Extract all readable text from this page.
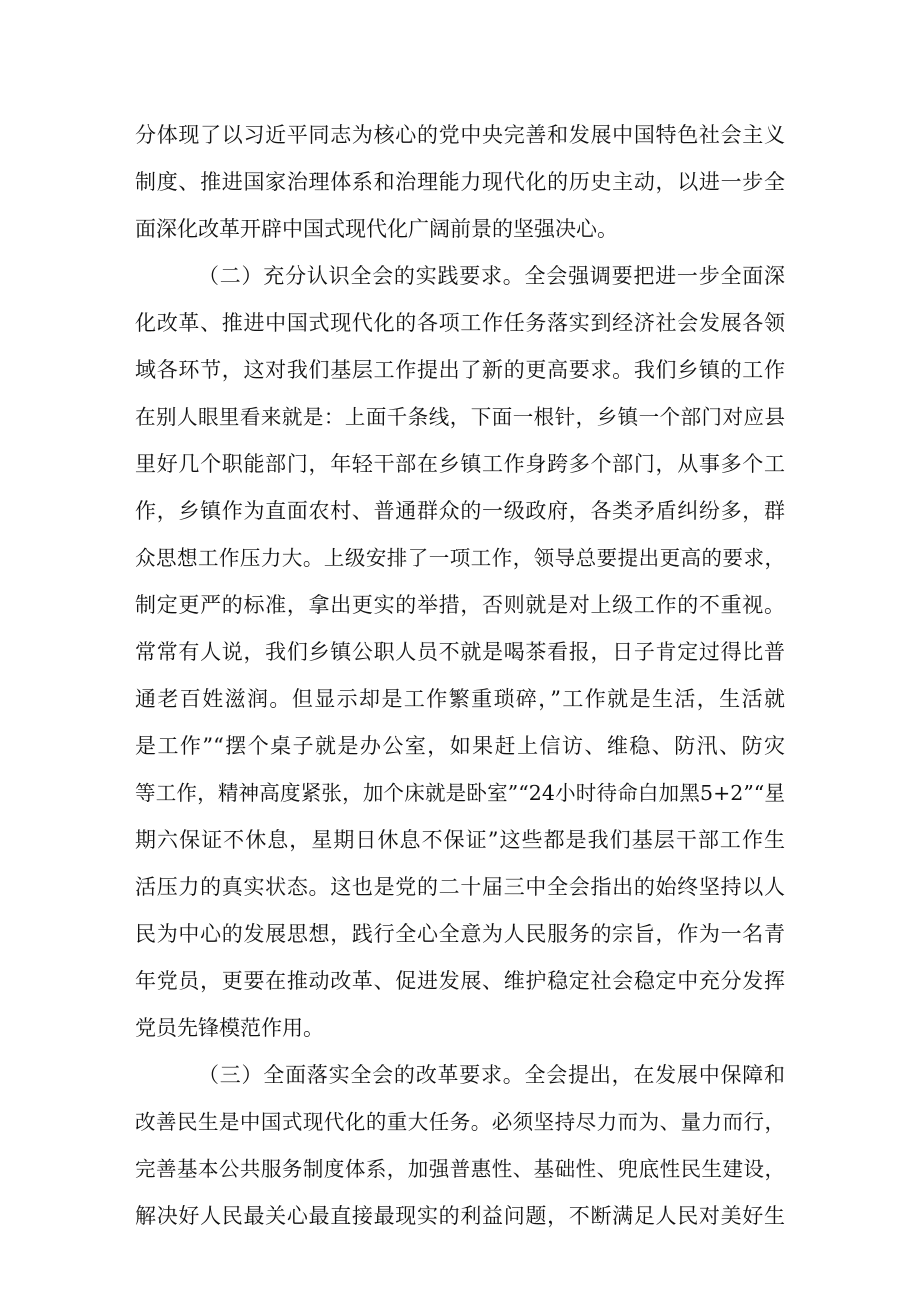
分体现了以习近平同志为核心的党中央完善和发展中国特色社会主义
制度、推进国家治理体系和治理能力现代化的历史主动，以进一步全
面深化改革开辟中国式现代化广阔前景的坚强决心。
（二）充分认识全会的实践要求。全会强调要把进一步全面深
化改革、推进中国式现代化的各项工作任务落实到经济社会发展各领
域各环节，这对我们基层工作提出了新的更高要求。我们乡镇的工作
在别人眼里看来就是：上面千条线，下面一根针，乡镇一个部门对应县
里好几个职能部门，年轻干部在乡镇工作身跨多个部门，从事多个工
作，乡镇作为直面农村、普通群众的一级政府，各类矛盾纠纷多，群
众思想工作压力大。上级安排了一项工作，领导总要提出更高的要求，
制定更严的标准，拿出更实的举措，否则就是对上级工作的不重视。
常常有人说，我们乡镇公职人员不就是喝茶看报，日子肯定过得比普
通老百姓滋润。但显示却是工作繁重琐碎，”工作就是生活，生活就
是工作”“摆个桌子就是办公室，如果赶上信访、维稳、防汛、防灾
等工作，精神高度紧张，加个床就是卧室”“24小时待命白加黑5+2”“星
期六保证不休息，星期日休息不保证”这些都是我们基层干部工作生
活压力的真实状态。这也是党的二十届三中全会指出的始终坚持以人
民为中心的发展思想，践行全心全意为人民服务的宗旨，作为一名青
年党员，更要在推动改革、促进发展、维护稳定社会稳定中充分发挥
党员先锋模范作用。
（三）全面落实全会的改革要求。全会提出，在发展中保障和
改善民生是中国式现代化的重大任务。必须坚持尽力而为、量力而行，
完善基本公共服务制度体系，加强普惠性、基础性、兜底性民生建设，
解决好人民最关心最直接最现实的利益问题，不断满足人民对美好生
